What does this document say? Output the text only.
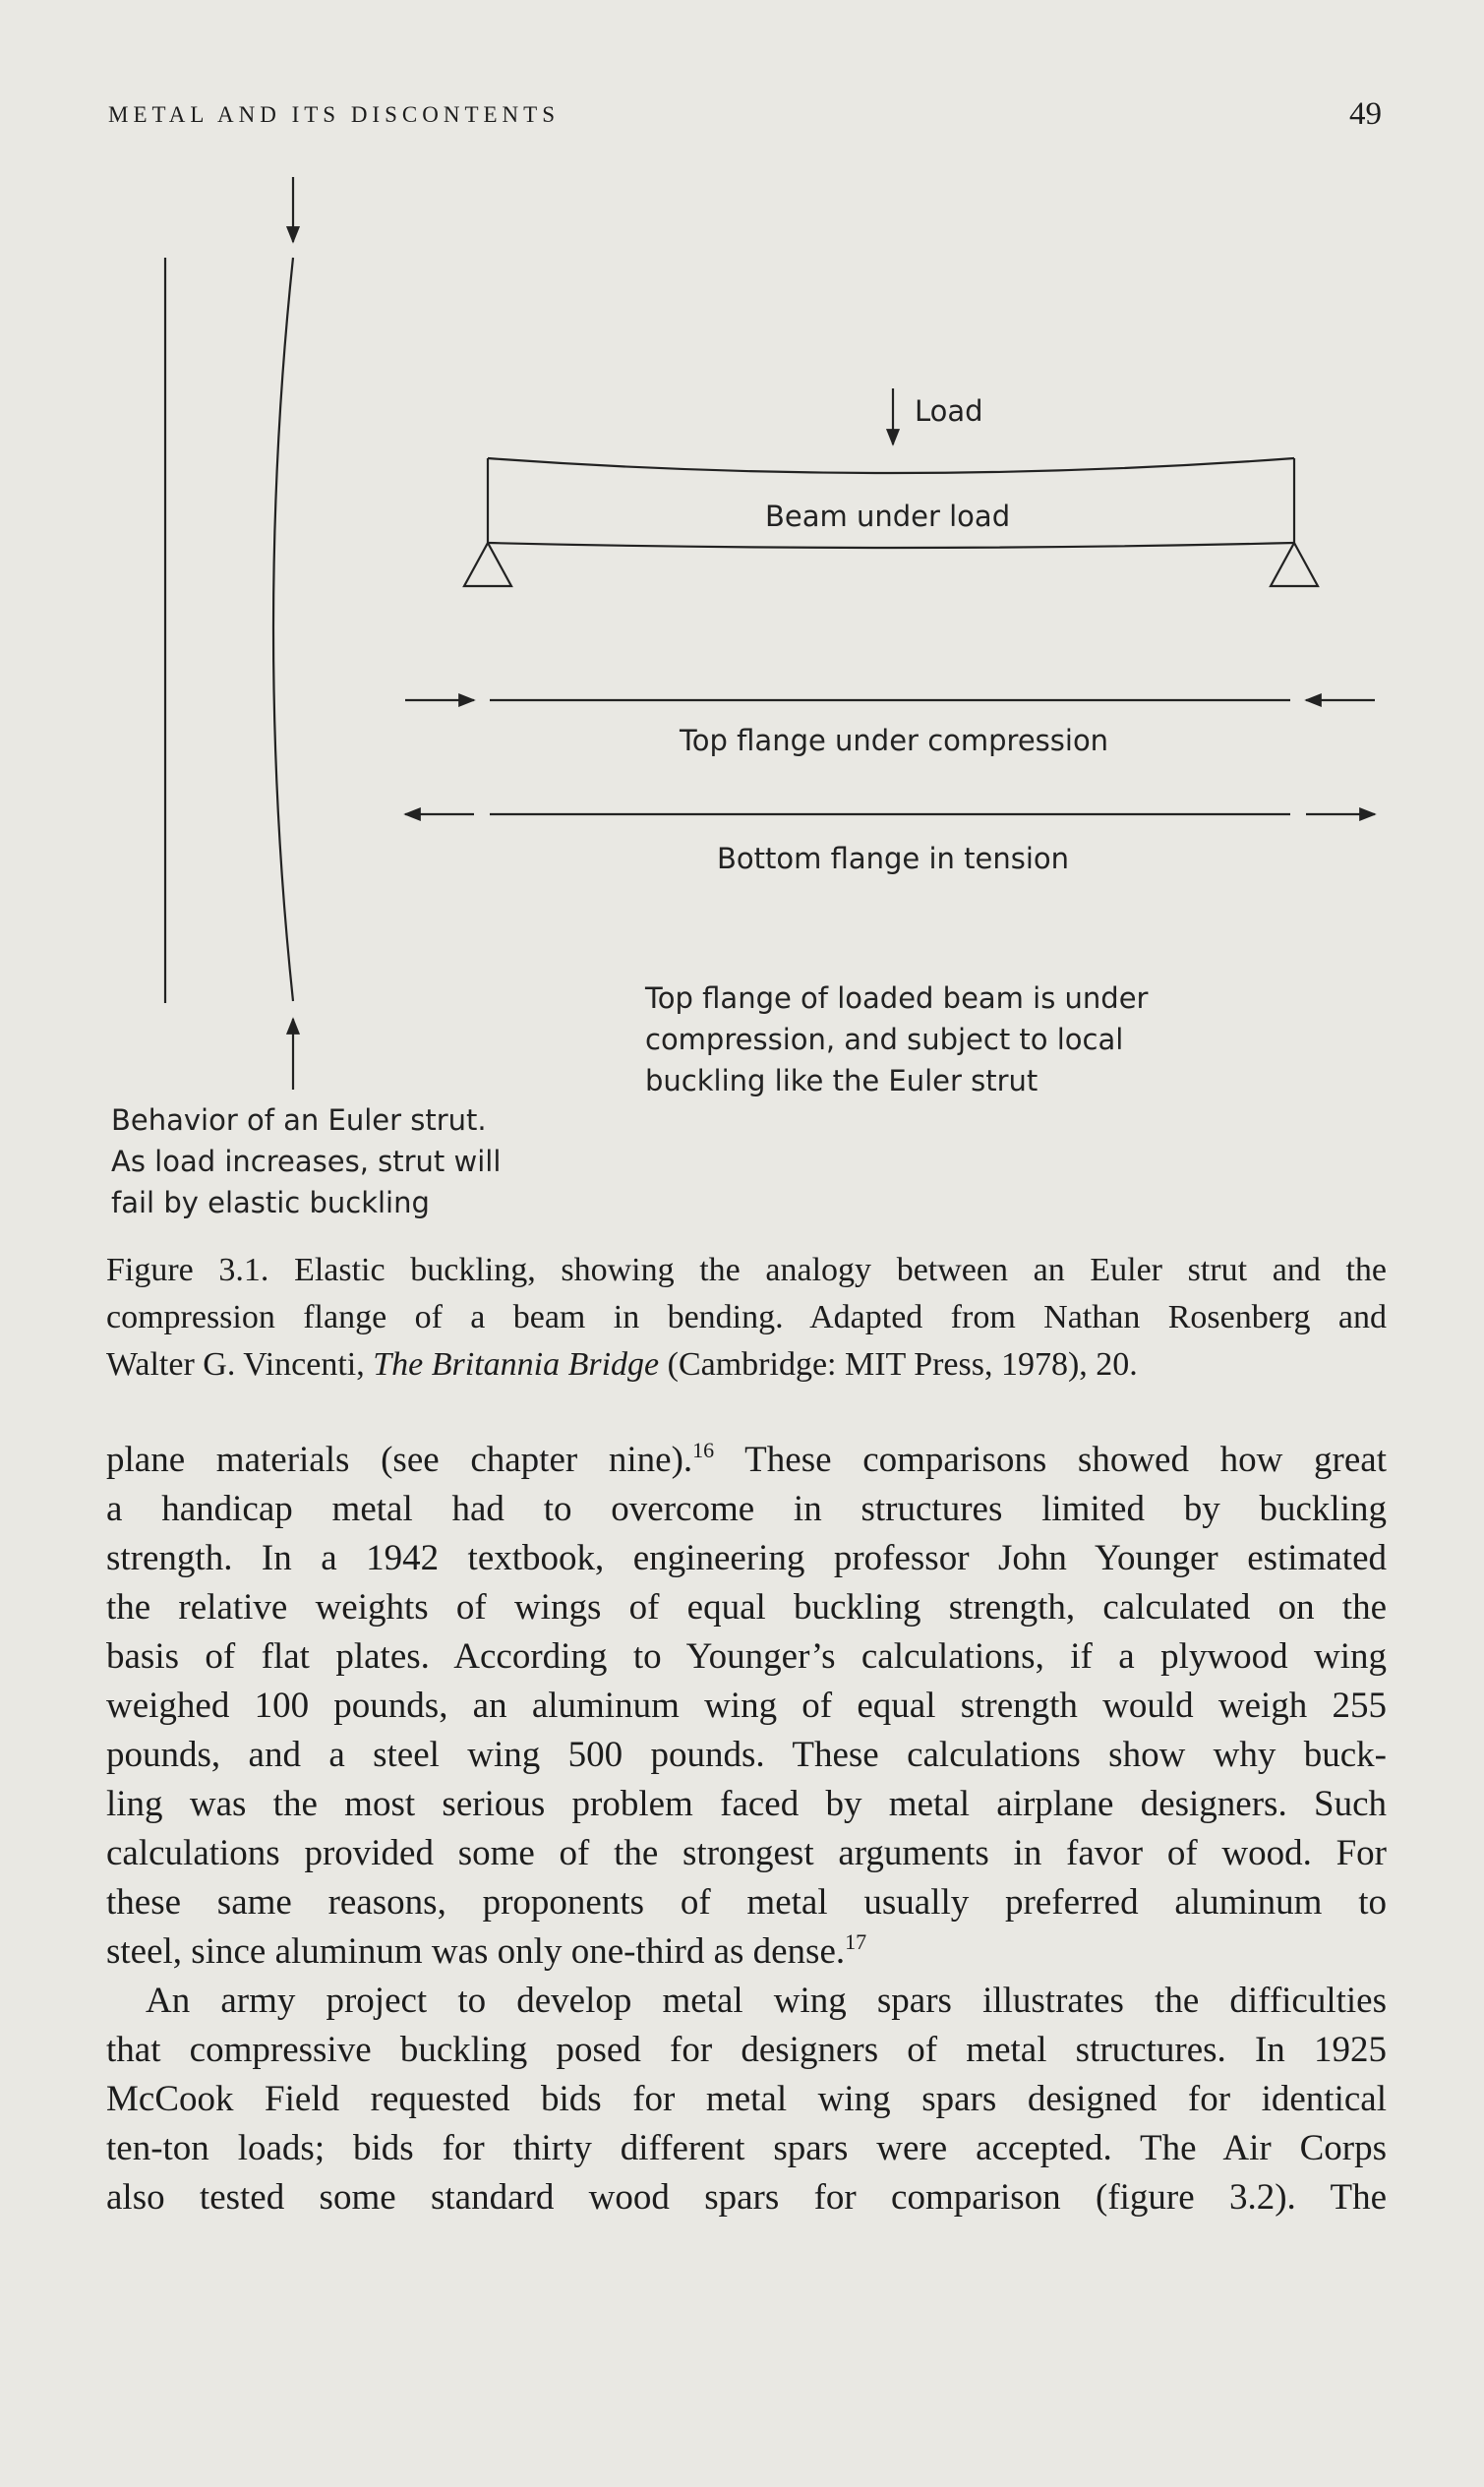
METAL AND ITS DISCONTENTS	49
Load
Beam under load
Top flange under compression
Bottom flange in tension
Top flange of loaded beam is under
compression, and subject to local
buckling like the Euler strut
Behavior of an Euler strut.
As load increases, strut will
fail by elastic buckling
Figure 3.1. Elastic buckling, showing the analogy between an Euler strut and the
compression flange of a beam in bending. Adapted from Nathan Rosenberg and
Walter G. Vincenti, The Britannia Bridge (Cambridge: MIT Press, 1978), 20.
plane materials (see chapter nine).$^{16}$ These comparisons showed how great
a handicap metal had to overcome in structures limited by buckling
strength. In a 1942 textbook, engineering professor John Younger estimated
the relative weights of wings of equal buckling strength, calculated on the
basis of flat plates. According to Younger’s calculations, if a plywood wing
weighed 100 pounds, an aluminum wing of equal strength would weigh 255
pounds, and a steel wing 500 pounds. These calculations show why buck-
ling was the most serious problem faced by metal airplane designers. Such
calculations provided some of the strongest arguments in favor of wood. For
these same reasons, proponents of metal usually preferred aluminum to
steel, since aluminum was only one-third as dense.$^{17}$
An army project to develop metal wing spars illustrates the difficulties
that compressive buckling posed for designers of metal structures. In 1925
McCook Field requested bids for metal wing spars designed for identical
ten-ton loads; bids for thirty different spars were accepted. The Air Corps
also tested some standard wood spars for comparison (figure 3.2). The
